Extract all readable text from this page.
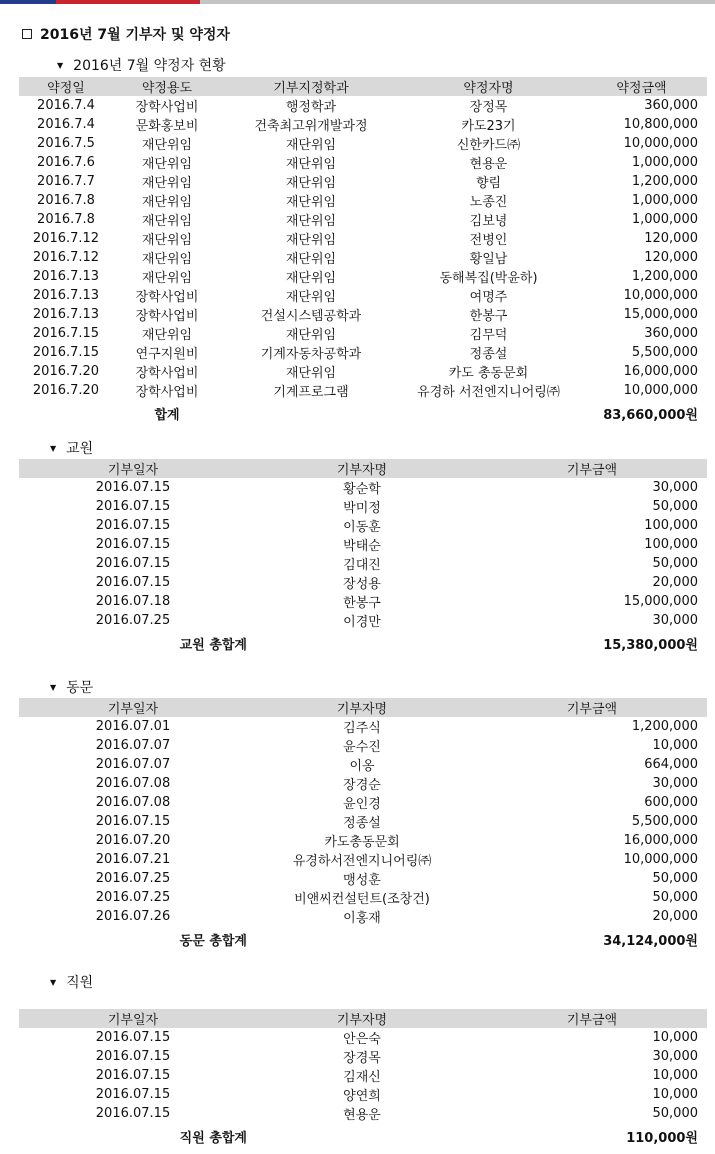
2016년 7월 기부자 및 약정자
▼ 2016년 7월 약정자 현황
약정일	약정용도	기부지정학과	약정자명	약정금액
2016.7.4	장학사업비	행정학과	장정목	360,000
2016.7.4	문화홍보비	건축최고위개발과정	카도23기	10,800,000
2016.7.5	재단위임	재단위임	신한카드㈜	10,000,000
2016.7.6	재단위임	재단위임	현용운	1,000,000
2016.7.7	재단위임	재단위임	향림	1,200,000
2016.7.8	재단위임	재단위임	노종진	1,000,000
2016.7.8	재단위임	재단위임	김보녕	1,000,000
2016.7.12	재단위임	재단위임	전병인	120,000
2016.7.12	재단위임	재단위임	황일남	120,000
2016.7.13	재단위임	재단위임	동해복집(박윤하)	1,200,000
2016.7.13	장학사업비	재단위임	여명주	10,000,000
2016.7.13	장학사업비	건설시스템공학과	한봉구	15,000,000
2016.7.15	재단위임	재단위임	김무덕	360,000
2016.7.15	연구지원비	기계자동차공학과	정종설	5,500,000
2016.7.20	장학사업비	재단위임	카도 총동문회	16,000,000
2016.7.20	장학사업비	기계프로그램	유경하 서전엔지니어링㈜	10,000,000
	합계	83,660,000원		
▼ 교원
기부일자	기부자명	기부금액
2016.07.15	황순학	30,000
2016.07.15	박미정	50,000
2016.07.15	이동훈	100,000
2016.07.15	박태순	100,000
2016.07.15	김대진	50,000
2016.07.15	장성용	20,000
2016.07.18	한봉구	15,000,000
2016.07.25	이경만	30,000
교원 총합계	15,380,000원	
▼ 동문
기부일자	기부자명	기부금액
2016.07.01	김주식	1,200,000
2016.07.07	윤수진	10,000
2016.07.07	이옹	664,000
2016.07.08	장경순	30,000
2016.07.08	윤인경	600,000
2016.07.15	정종설	5,500,000
2016.07.20	카도총동문회	16,000,000
2016.07.21	유경하서전엔지니어링㈜	10,000,000
2016.07.25	맹성훈	50,000
2016.07.25	비앤씨컨설턴트(조창건)	50,000
2016.07.26	이홍재	20,000
동문 총합계	34,124,000원	
▼ 직원
기부일자	기부자명	기부금액
2016.07.15	안은숙	10,000
2016.07.15	장경목	30,000
2016.07.15	김재신	10,000
2016.07.15	양연희	10,000
2016.07.15	현용운	50,000
직원 총합계	110,000원	
